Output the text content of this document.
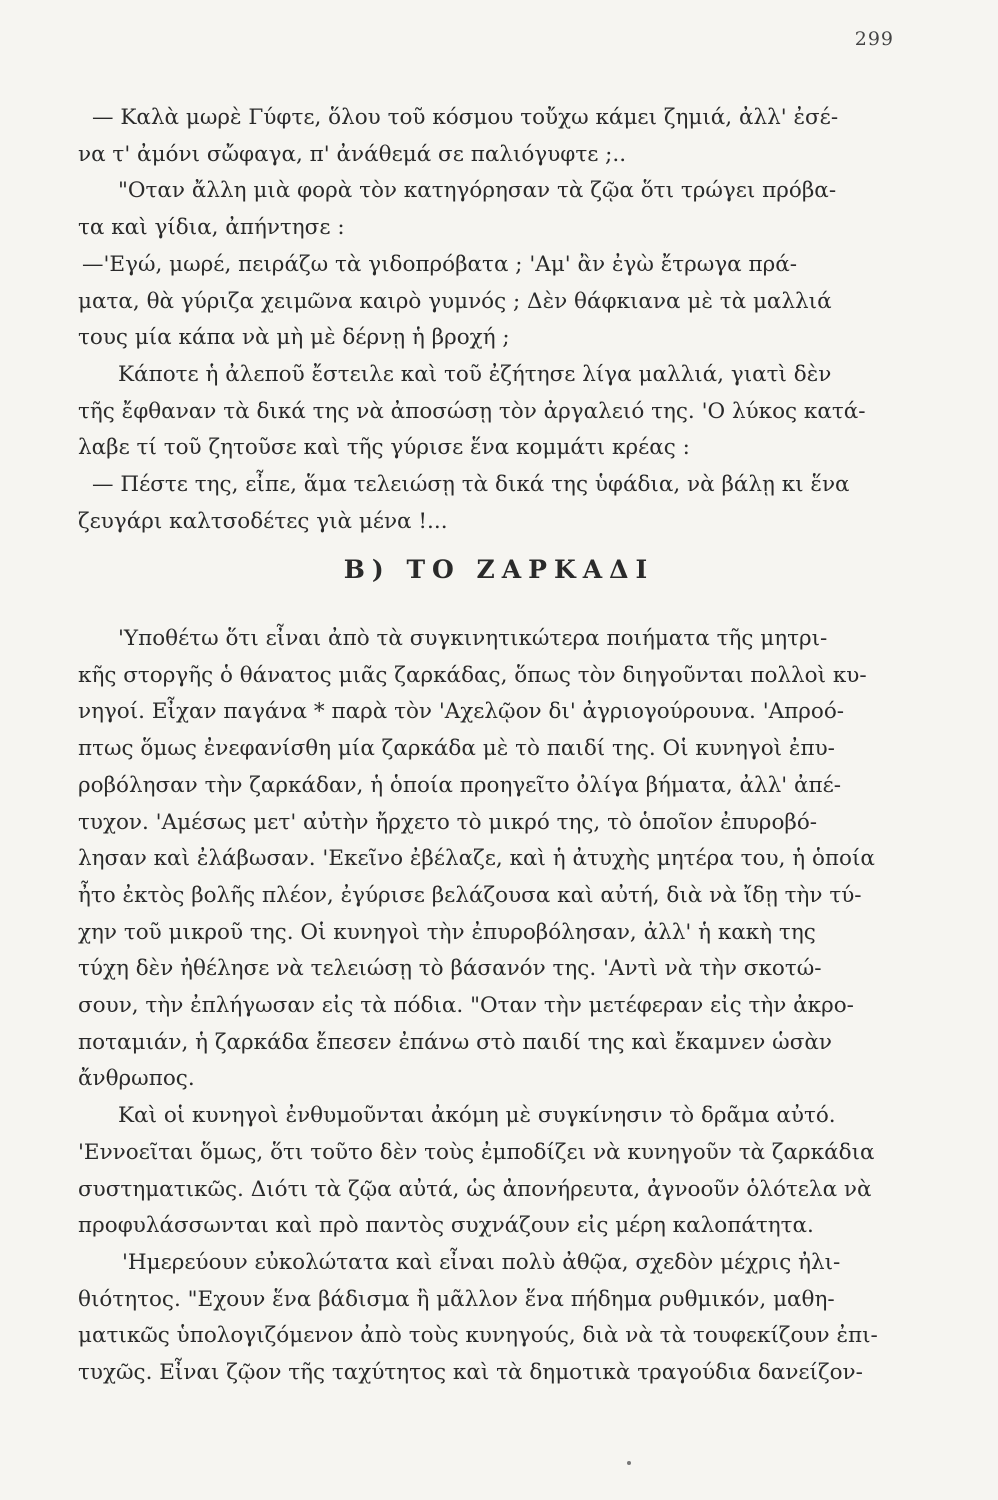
299
— Καλὰ μωρὲ Γύφτε, ὅλου τοῦ κόσμου τοὔχω κάμει ζημιά, ἀλλ' ἐσέ-
να τ' ἀμόνι σὤφαγα, π' ἀνάθεμά σε παλιόγυφτε ;..
"Οταν ἄλλη μιὰ φορὰ τὸν κατηγόρησαν τὰ ζῷα ὅτι τρώγει πρόβα-
τα καὶ γίδια, ἀπήντησε :
—'Εγώ, μωρέ, πειράζω τὰ γιδοπρόβατα ; 'Αμ' ἂν ἐγὼ ἔτρωγα πρά-
ματα, θὰ γύριζα χειμῶνα καιρὸ γυμνός ; Δὲν θάφκιανα μὲ τὰ μαλλιά
τους μία κάπα νὰ μὴ μὲ δέρνῃ ἡ βροχή ;
Κάποτε ἡ ἀλεποῦ ἔστειλε καὶ τοῦ ἐζήτησε λίγα μαλλιά, γιατὶ δὲν
τῆς ἔφθαναν τὰ δικά της νὰ ἀποσώσῃ τὸν ἀργαλειό της. 'Ο λύκος κατά-
λαβε τί τοῦ ζητοῦσε καὶ τῆς γύρισε ἕνα κομμάτι κρέας :
— Πέστε της, εἶπε, ἅμα τελειώσῃ τὰ δικά της ὑφάδια, νὰ βάλῃ κι ἕνα
ζευγάρι καλτσοδέτες γιὰ μένα !...
Β) ΤΟ ΖΑΡΚΑΔΙ
'Υποθέτω ὅτι εἶναι ἀπὸ τὰ συγκινητικώτερα ποιήματα τῆς μητρι-
κῆς στοργῆς ὁ θάνατος μιᾶς ζαρκάδας, ὅπως τὸν διηγοῦνται πολλοὶ κυ-
νηγοί. Εἶχαν παγάνα * παρὰ τὸν 'Αχελῷον δι' ἀγριογούρουνα. 'Απροό-
πτως ὅμως ἐνεφανίσθη μία ζαρκάδα μὲ τὸ παιδί της. Οἱ κυνηγοὶ ἐπυ-
ροβόλησαν τὴν ζαρκάδαν, ἡ ὁποία προηγεῖτο ὀλίγα βήματα, ἀλλ' ἀπέ-
τυχον. 'Αμέσως μετ' αὐτὴν ἤρχετο τὸ μικρό της, τὸ ὁποῖον ἐπυροβό-
λησαν καὶ ἐλάβωσαν. 'Εκεῖνο ἐβέλαζε, καὶ ἡ ἀτυχὴς μητέρα του, ἡ ὁποία
ἦτο ἐκτὸς βολῆς πλέον, ἐγύρισε βελάζουσα καὶ αὐτή, διὰ νὰ ἴδῃ τὴν τύ-
χην τοῦ μικροῦ της. Οἱ κυνηγοὶ τὴν ἐπυροβόλησαν, ἀλλ' ἡ κακὴ της
τύχη δὲν ἠθέλησε νὰ τελειώσῃ τὸ βάσανόν της. 'Αντὶ νὰ τὴν σκοτώ-
σουν, τὴν ἐπλήγωσαν εἰς τὰ πόδια. "Οταν τὴν μετέφεραν εἰς τὴν ἀκρο-
ποταμιάν, ἡ ζαρκάδα ἔπεσεν ἐπάνω στὸ παιδί της καὶ ἔκαμνεν ὡσὰν
ἄνθρωπος.
Καὶ οἱ κυνηγοὶ ἐνθυμοῦνται ἀκόμη μὲ συγκίνησιν τὸ δρᾶμα αὐτό.
'Εννοεῖται ὅμως, ὅτι τοῦτο δὲν τοὺς ἐμποδίζει νὰ κυνηγοῦν τὰ ζαρκάδια
συστηματικῶς. Διότι τὰ ζῷα αὐτά, ὡς ἀπονήρευτα, ἀγνοοῦν ὁλότελα νὰ
προφυλάσσωνται καὶ πρὸ παντὸς συχνάζουν εἰς μέρη καλοπάτητα.
'Ημερεύουν εὐκολώτατα καὶ εἶναι πολὺ ἀθῷα, σχεδὸν μέχρις ἠλι-
θιότητος. "Εχουν ἕνα βάδισμα ἢ μᾶλλον ἕνα πήδημα ρυθμικόν, μαθη-
ματικῶς ὑπολογιζόμενον ἀπὸ τοὺς κυνηγούς, διὰ νὰ τὰ τουφεκίζουν ἐπι-
τυχῶς. Εἶναι ζῷον τῆς ταχύτητος καὶ τὰ δημοτικὰ τραγούδια δανείζον-
